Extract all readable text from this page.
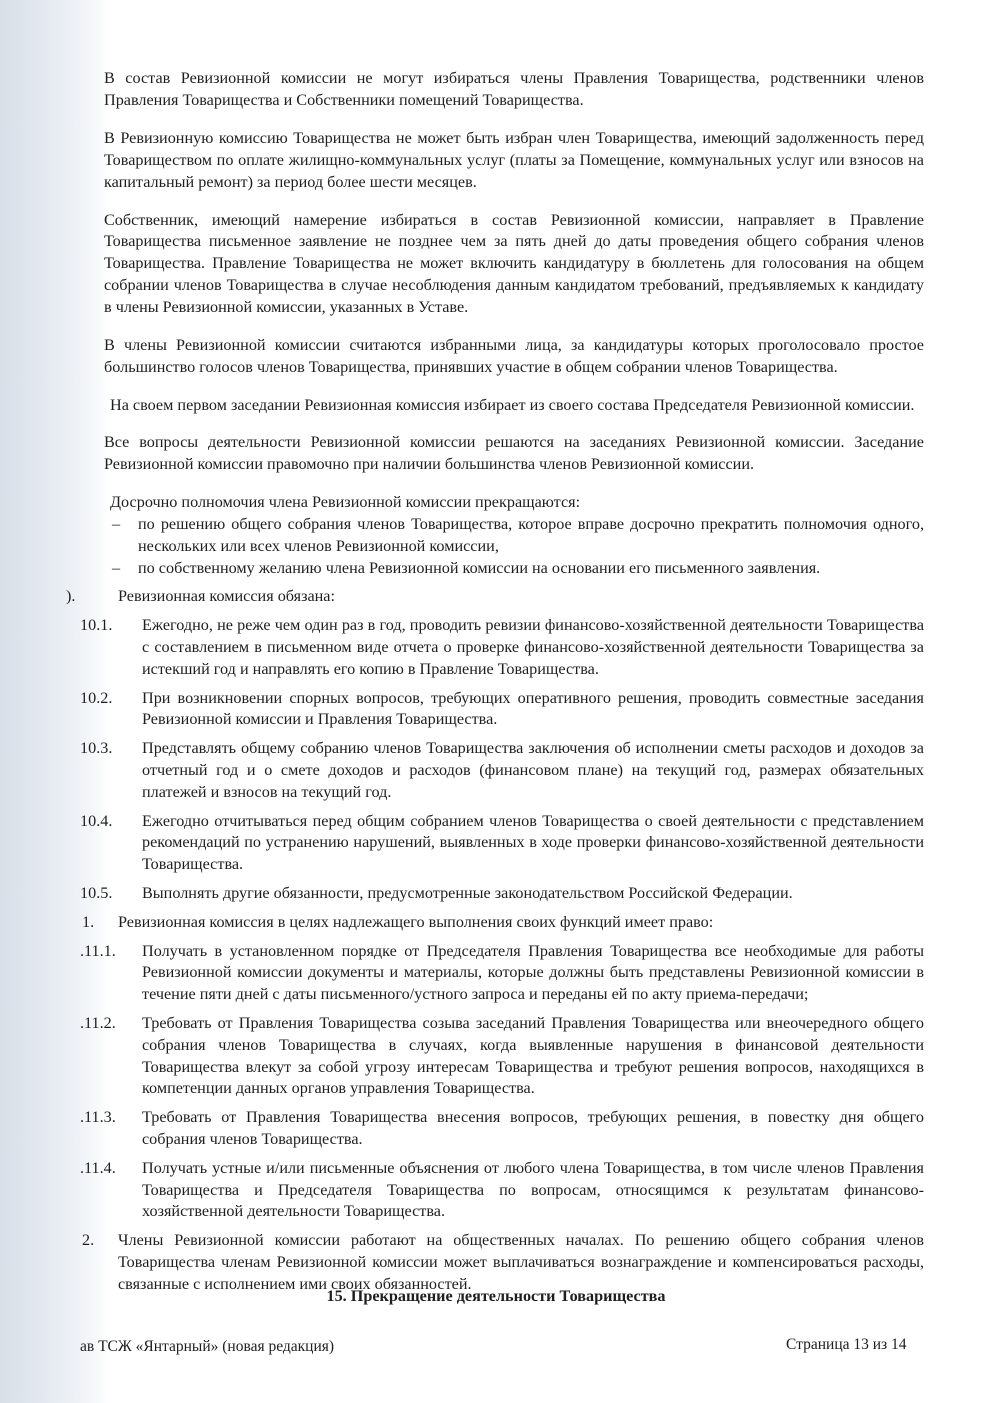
В состав Ревизионной комиссии не могут избираться члены Правления Товарищества, родственники членов Правления Товарищества и Собственники помещений Товарищества.

В Ревизионную комиссию Товарищества не может быть избран член Товарищества, имеющий задолженность перед Товариществом по оплате жилищно-коммунальных услуг (платы за Помещение, коммунальных услуг или взносов на капитальный ремонт) за период более шести месяцев.

Собственник, имеющий намерение избираться в состав Ревизионной комиссии, направляет в Правление Товарищества письменное заявление не позднее чем за пять дней до даты проведения общего собрания членов Товарищества. Правление Товарищества не может включить кандидатуру в бюллетень для голосования на общем собрании членов Товарищества в случае несоблюдения данным кандидатом требований, предъявляемых к кандидату в члены Ревизионной комиссии, указанных в Уставе.

В члены Ревизионной комиссии считаются избранными лица, за кандидатуры которых проголосовало простое большинство голосов членов Товарищества, принявших участие в общем собрании членов Товарищества.

На своем первом заседании Ревизионная комиссия избирает из своего состава Председателя Ревизионной комиссии.

Все вопросы деятельности Ревизионной комиссии решаются на заседаниях Ревизионной комиссии. Заседание Ревизионной комиссии правомочно при наличии большинства членов Ревизионной комиссии.

Досрочно полномочия члена Ревизионной комиссии прекращаются:

– по решению общего собрания членов Товарищества, которое вправе досрочно прекратить полномочия одного, нескольких или всех членов Ревизионной комиссии,
– по собственному желанию члена Ревизионной комиссии на основании его письменного заявления.
).	Ревизионная комиссия обязана:
10.1. Ежегодно, не реже чем один раз в год, проводить ревизии финансово-хозяйственной деятельности Товарищества с составлением в письменном виде отчета о проверке финансово-хозяйственной деятельности Товарищества за истекший год и направлять его копию в Правление Товарищества.
10.2. При возникновении спорных вопросов, требующих оперативного решения, проводить совместные заседания Ревизионной комиссии и Правления Товарищества.
10.3. Представлять общему собранию членов Товарищества заключения об исполнении сметы расходов и доходов за отчетный год и о смете доходов и расходов (финансовом плане) на текущий год, размерах обязательных платежей и взносов на текущий год.
10.4. Ежегодно отчитываться перед общим собранием членов Товарищества о своей деятельности с представлением рекомендаций по устранению нарушений, выявленных в ходе проверки финансово-хозяйственной деятельности Товарищества.
10.5. Выполнять другие обязанности, предусмотренные законодательством Российской Федерации.
1. Ревизионная комиссия в целях надлежащего выполнения своих функций имеет право:
.11.1. Получать в установленном порядке от Председателя Правления Товарищества все необходимые для работы Ревизионной комиссии документы и материалы, которые должны быть представлены Ревизионной комиссии в течение пяти дней с даты письменного/устного запроса и переданы ей по акту приема-передачи;
.11.2. Требовать от Правления Товарищества созыва заседаний Правления Товарищества или внеочередного общего собрания членов Товарищества в случаях, когда выявленные нарушения в финансовой деятельности Товарищества влекут за собой угрозу интересам Товарищества и требуют решения вопросов, находящихся в компетенции данных органов управления Товарищества.
.11.3. Требовать от Правления Товарищества внесения вопросов, требующих решения, в повестку дня общего собрания членов Товарищества.
.11.4. Получать устные и/или письменные объяснения от любого члена Товарищества, в том числе членов Правления Товарищества и Председателя Товарищества по вопросам, относящимся к результатам финансово-хозяйственной деятельности Товарищества.
2. Члены Ревизионной комиссии работают на общественных началах. По решению общего собрания членов Товарищества членам Ревизионной комиссии может выплачиваться вознаграждение и компенсироваться расходы, связанные с исполнением ими своих обязанностей.
15. Прекращение деятельности Товарищества
ав ТСЖ «Янтарный» (новая редакция)	Страница 13 из 14
